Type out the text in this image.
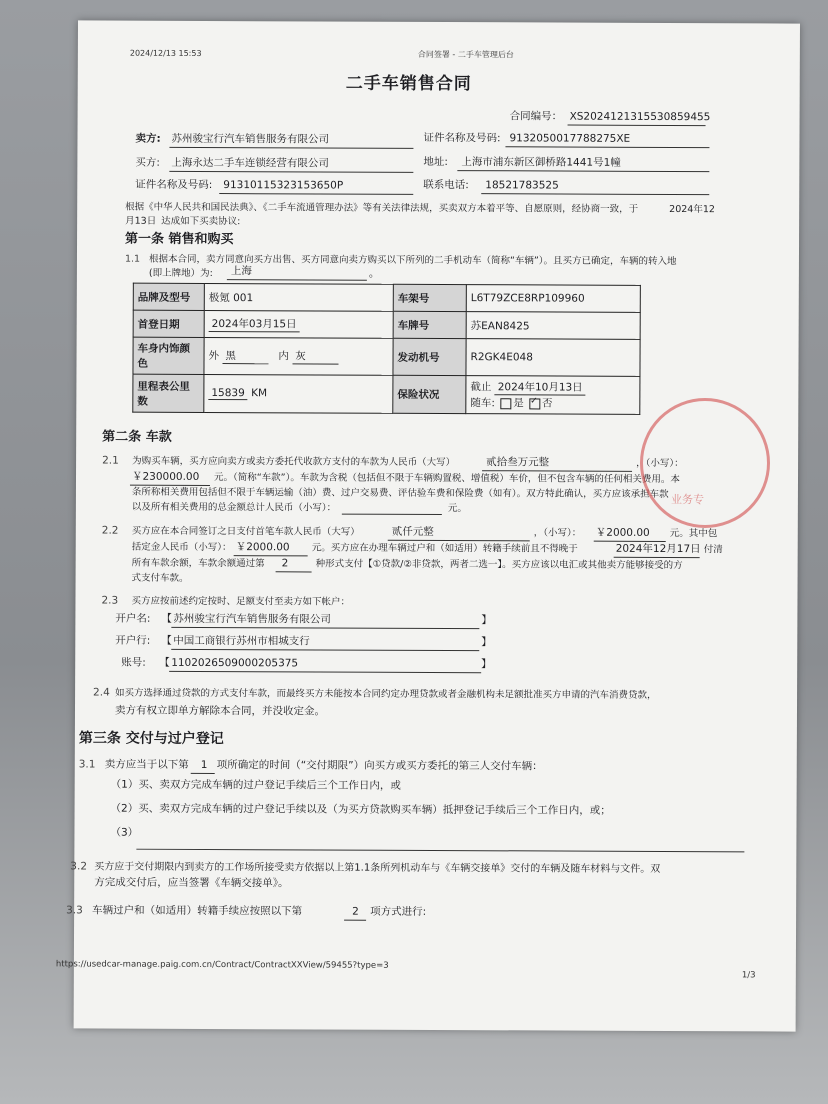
2024/12/13 15:53	合同签署 - 二手车管理后台
二手车销售合同
合同编号： XS2024121315530859455
卖方: 苏州骏宝行汽车销售服务有限公司	证件名称及号码: 9132050017788275XE
买方: 上海永达二手车连锁经营有限公司	地址: 上海市浦东新区御桥路1441号1幢
证件名称及号码: 91310115323153650P	联系电话: 18521783525
根据《中华人民共和国民法典》、《二手车流通管理办法》等有关法律法规，买卖双方本着平等、自愿原则，经协商一致，于	2024年12
月13日 达成如下买卖协议:
第一条 销售和购买
1.1 根据本合同，卖方同意向买方出售、买方同意向卖方购买以下所列的二手机动车（简称“车辆”）。且买方已确定，车辆的转入地
(即上牌地）为: 上海	。
品牌及型号	极氪 001	车架号	L6T79ZCE8RP109960
首登日期	2024年03月15日	车牌号	苏EAN8425
车身内饰颜色	外 黑 内 灰	发动机号	R2GK4E048
里程表公里数	15839 KM	保险状况	截止 2024年10月13日
随车: 是 ✓ 否
第二条 车款
2.1 为购买车辆，买方应向卖方或卖方委托代收款方支付的车款为人民币（大写）	贰拾叁万元整	，（小写）：
￥230000.00 元。（简称“车款”）。车款为含税（包括但不限于车辆购置税、增值税）车价，但不包含车辆的任何相关费用。本
条所称相关费用包括但不限于车辆运输（油）费、过户交易费、评估验车费和保险费（如有）。双方特此确认，买方应该承担车款
以及所有相关费用的总金额总计人民币（小写）：	元。
2.2 买方应在本合同签订之日支付首笔车款人民币（大写）	贰仟元整	，（小写）： ￥2000.00 元。其中包
括定金人民币（小写）： ￥2000.00 元。买方应在办理车辆过户和（如适用）转籍手续前且不得晚于	2024年12月17日 付清
所有车款余额，车款余额通过第 2	种形式支付【①贷款/②非贷款，两者二选一】。买方应该以电汇或其他卖方能够接受的方
式支付车款。
2.3 买方应按前述约定按时、足额支付至卖方如下帐户：
开户名: 【 苏州骏宝行汽车销售服务有限公司	】
开户行: 【 中国工商银行苏州市相城支行	】
账号: 【 1102026509000205375	】
2.4 如买方选择通过贷款的方式支付车款，而最终买方未能按本合同约定办理贷款或者金融机构未足额批准买方申请的汽车消费贷款，
卖方有权立即单方解除本合同，并没收定金。
第三条 交付与过户登记
3.1 卖方应当于以下第 1 项所确定的时间（“交付期限”）向买方或买方委托的第三人交付车辆：
（1）买、卖双方完成车辆的过户登记手续后三个工作日内，或
（2）买、卖双方完成车辆的过户登记手续以及（为买方贷款购买车辆）抵押登记手续后三个工作日内，或；
（3）
3.2 买方应于交付期限内到卖方的工作场所接受卖方依据以上第1.1条所列机动车与《车辆交接单》交付的车辆及随车材料与文件。双
方完成交付后，应当签署《车辆交接单》。
3.3 车辆过户和（如适用）转籍手续应按照以下第	2 项方式进行:
https://usedcar-manage.paig.com.cn/Contract/ContractXXView/59455?type=3
1/3
业务专
